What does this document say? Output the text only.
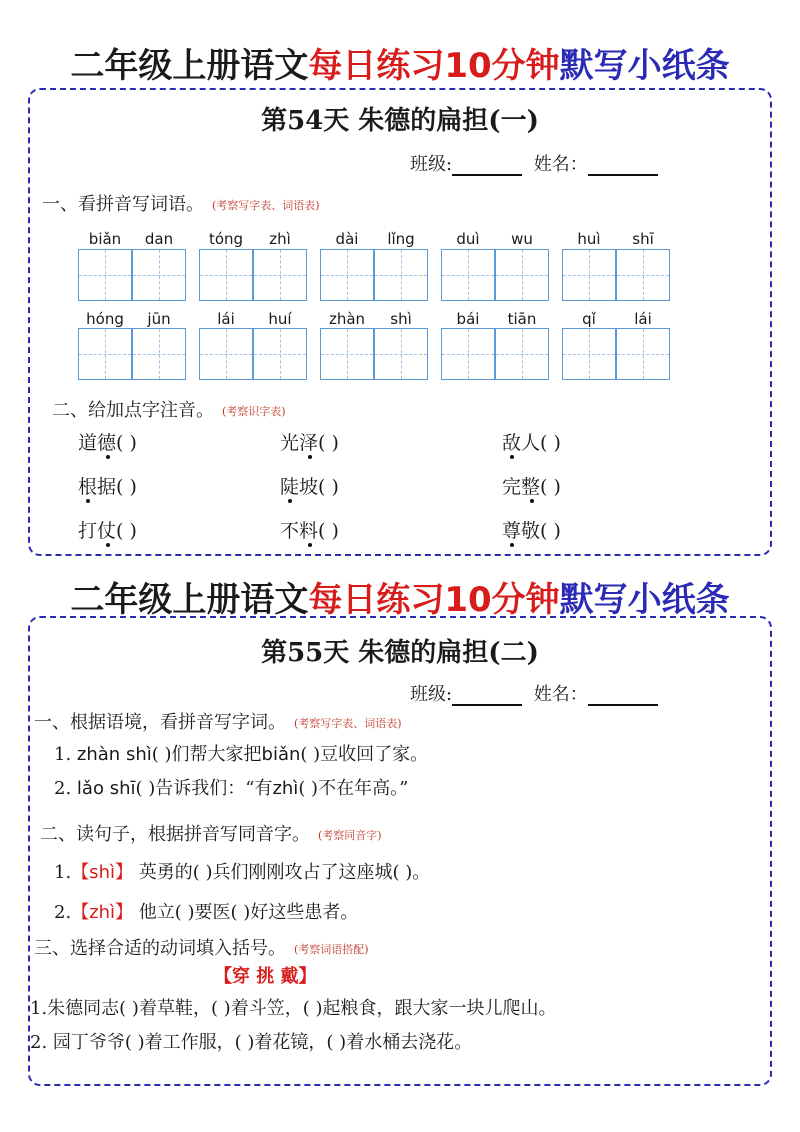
二年级上册语文每日练习10分钟默写小纸条
第54天 朱德的扁担(一)
班级:	姓名：
一、看拼音写词语。 (考察写字表、词语表)
biǎn	dan	tóng	zhì	dài	lǐng	duì	wu	huì	shī
hóng	jūn	lái	huí	zhàn	shì	bái	tiān	qǐ	lái
二、给加点字注音。 (考察识字表)
道德( )	光泽( )	敌人( )
根据( )	陡坡( )	完整( )
打仗( )	不料( )	尊敬( )
二年级上册语文每日练习10分钟默写小纸条
第55天 朱德的扁担(二)
班级:	姓名：
一、根据语境，看拼音写字词。 (考察写字表、词语表)
1. zhàn shì( )们帮大家把biǎn( )豆收回了家。
2. lǎo shī( )告诉我们：“有zhì( )不在年高。”
二、读句子，根据拼音写同音字。 (考察同音字)
1.【shì】 英勇的( )兵们刚刚攻占了这座城( )。
2.【zhì】 他立( )要医( )好这些患者。
三、选择合适的动词填入括号。 (考察词语搭配)
【穿 挑 戴】
1.朱德同志( )着草鞋，( )着斗笠，( )起粮食，跟大家一块儿爬山。
2. 园丁爷爷( )着工作服，( )着花镜，( )着水桶去浇花。
